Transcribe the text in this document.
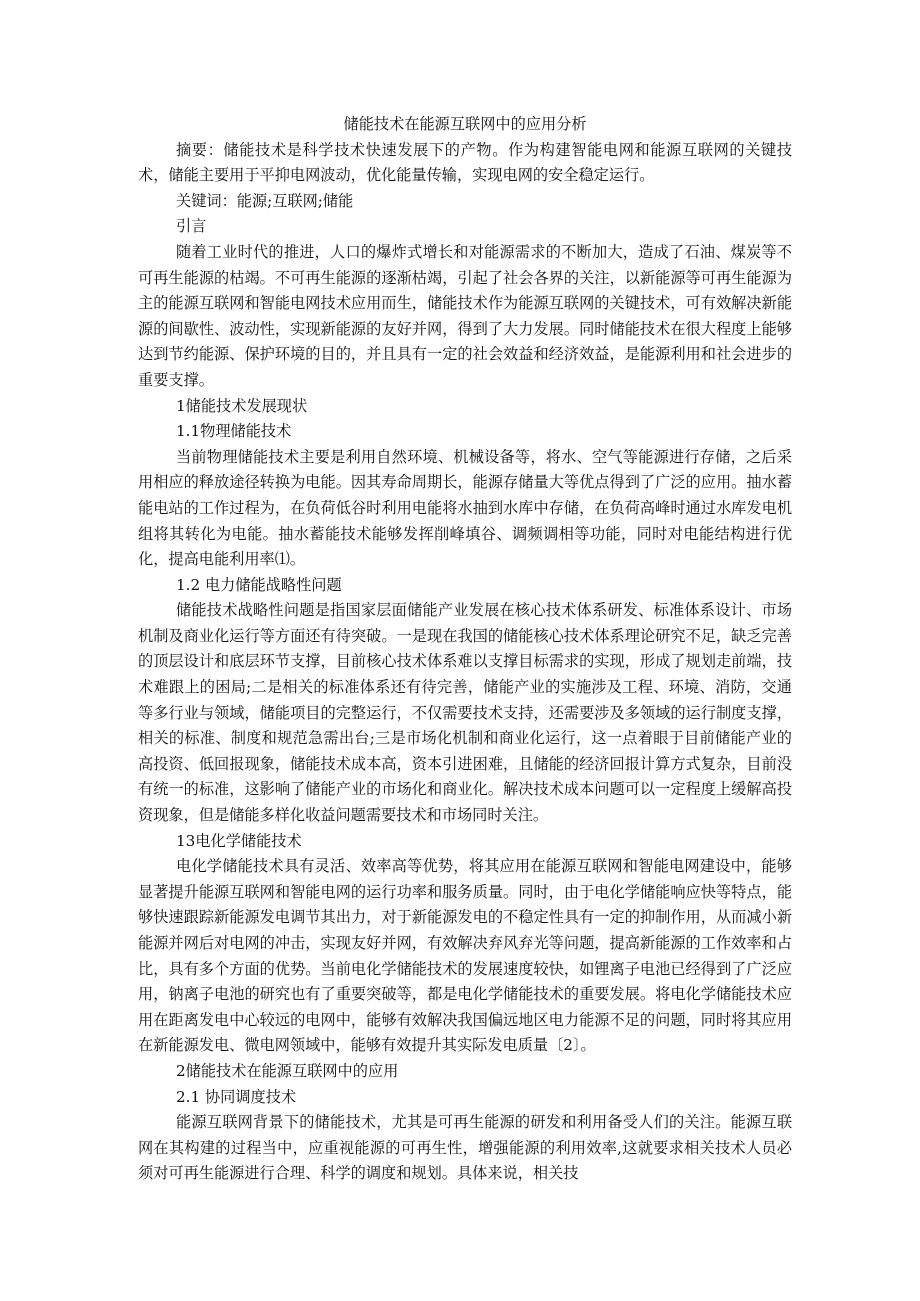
储能技术在能源互联网中的应用分析

摘要：储能技术是科学技术快速发展下的产物。作为构建智能电网和能源互联网的关键技术，储能主要用于平抑电网波动，优化能量传输，实现电网的安全稳定运行。

关键词：能源;互联网;储能

引言

随着工业时代的推进，人口的爆炸式增长和对能源需求的不断加大，造成了石油、煤炭等不可再生能源的枯竭。不可再生能源的逐渐枯竭，引起了社会各界的关注，以新能源等可再生能源为主的能源互联网和智能电网技术应用而生，储能技术作为能源互联网的关键技术，可有效解决新能源的间歇性、波动性，实现新能源的友好并网，得到了大力发展。同时储能技术在很大程度上能够达到节约能源、保护环境的目的，并且具有一定的社会效益和经济效益，是能源利用和社会进步的重要支撑。

1储能技术发展现状

1.1物理储能技术

当前物理储能技术主要是利用自然环境、机械设备等，将水、空气等能源进行存储，之后采用相应的释放途径转换为电能。因其寿命周期长，能源存储量大等优点得到了广泛的应用。抽水蓄能电站的工作过程为，在负荷低谷时利用电能将水抽到水库中存储，在负荷高峰时通过水库发电机组将其转化为电能。抽水蓄能技术能够发挥削峰填谷、调频调相等功能，同时对电能结构进行优化，提高电能利用率⑴。

1.2 电力储能战略性问题

储能技术战略性问题是指国家层面储能产业发展在核心技术体系研发、标准体系设计、市场机制及商业化运行等方面还有待突破。一是现在我国的储能核心技术体系理论研究不足，缺乏完善的顶层设计和底层环节支撑，目前核心技术体系难以支撑目标需求的实现，形成了规划走前端，技术难跟上的困局;二是相关的标准体系还有待完善，储能产业的实施涉及工程、环境、消防，交通等多行业与领域，储能项目的完整运行，不仅需要技术支持，还需要涉及多领域的运行制度支撑，相关的标准、制度和规范急需出台;三是市场化机制和商业化运行，这一点着眼于目前储能产业的高投资、低回报现象，储能技术成本高，资本引进困难，且储能的经济回报计算方式复杂，目前没有统一的标准，这影响了储能产业的市场化和商业化。解决技术成本问题可以一定程度上缓解高投资现象，但是储能多样化收益问题需要技术和市场同时关注。

13电化学储能技术

电化学储能技术具有灵活、效率高等优势，将其应用在能源互联网和智能电网建设中，能够显著提升能源互联网和智能电网的运行功率和服务质量。同时，由于电化学储能响应快等特点，能够快速跟踪新能源发电调节其出力，对于新能源发电的不稳定性具有一定的抑制作用，从而减小新能源并网后对电网的冲击，实现友好并网，有效解决弃风弃光等问题，提高新能源的工作效率和占比，具有多个方面的优势。当前电化学储能技术的发展速度较快，如锂离子电池已经得到了广泛应用，钠离子电池的研究也有了重要突破等，都是电化学储能技术的重要发展。将电化学储能技术应用在距离发电中心较远的电网中，能够有效解决我国偏远地区电力能源不足的问题，同时将其应用在新能源发电、微电网领域中，能够有效提升其实际发电质量〔2〕。

2储能技术在能源互联网中的应用

2.1 协同调度技术

能源互联网背景下的储能技术，尤其是可再生能源的研发和利用备受人们的关注。能源互联网在其构建的过程当中，应重视能源的可再生性，增强能源的利用效率,这就要求相关技术人员必须对可再生能源进行合理、科学的调度和规划。具体来说，相关技
